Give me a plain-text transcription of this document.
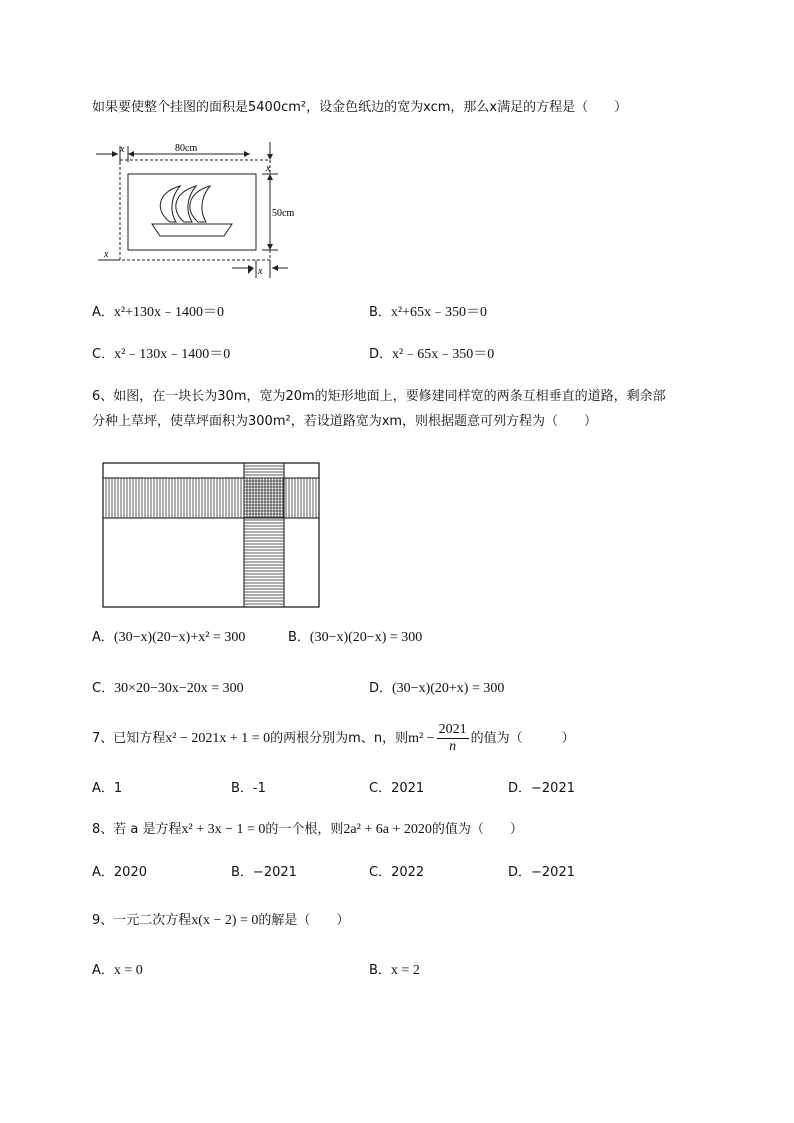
如果要使整个挂图的面积是5400cm²，设金色纸边的宽为xcm，那么x满足的方程是（　　）
80cm
x
x
50cm
x
x
A．x²+130x﹣1400＝0	B．x²+65x﹣350＝0
C．x²﹣130x﹣1400＝0	D．x²﹣65x﹣350＝0
6、如图，在一块长为30m，宽为20m的矩形地面上，要修建同样宽的两条互相垂直的道路，剩余部
分种上草坪，使草坪面积为300m²，若设道路宽为xm，则根据题意可列方程为（　　）
A．(30−x)(20−x)+x² = 300	B．(30−x)(20−x) = 300
C．30×20−30x−20x = 300	D．(30−x)(20+x) = 300
7、已知方程x² − 2021x + 1 = 0的两根分别为m、n，则$m^2 - \frac{2021}{n}$ 的值为（　　　）
A．1	B．-1	C．2021	D．−2021
8、若 a 是方程x² + 3x − 1 = 0的一个根，则2a² + 6a + 2020的值为（　　）
A．2020	B．−2021	C．2022	D．−2021
9、一元二次方程x(x − 2) = 0的解是（　　）
A．x = 0	B．x = 2
